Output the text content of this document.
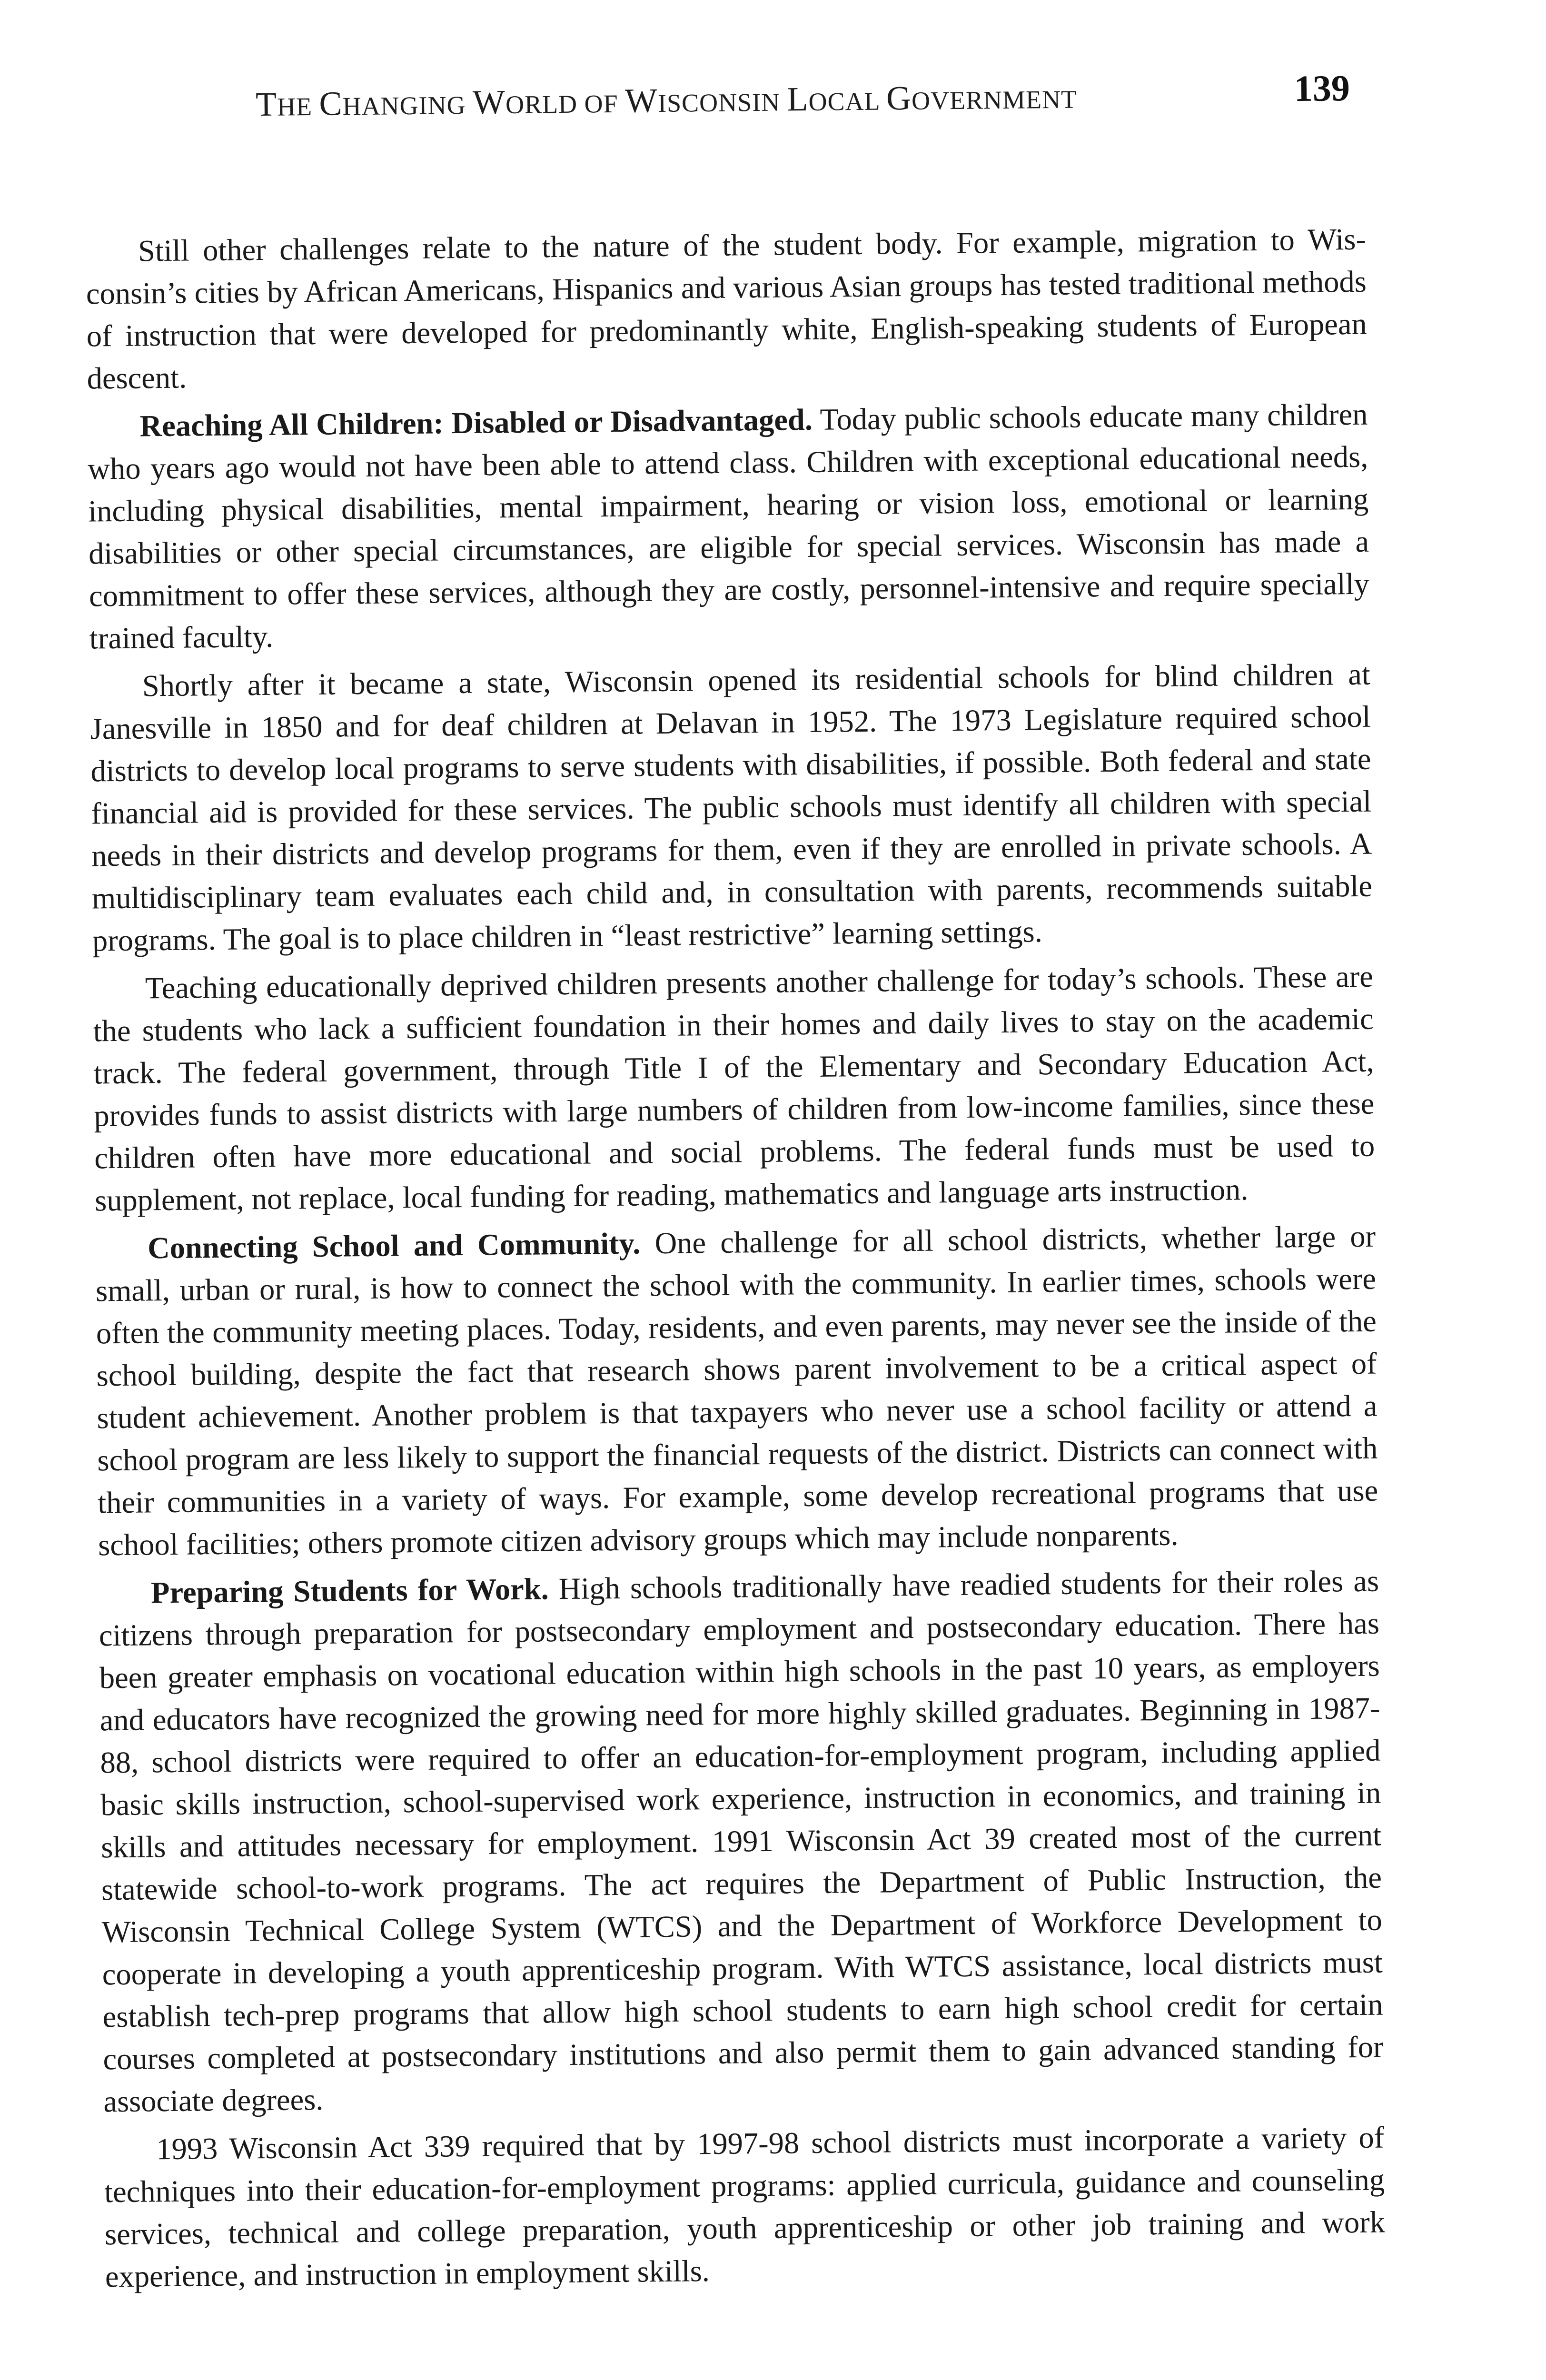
THE CHANGING WORLD OF WISCONSIN LOCAL GOVERNMENT	139

Still other challenges relate to the nature of the student body. For example, migration to Wisconsin’s cities by African Americans, Hispanics and various Asian groups has tested traditional methods of instruction that were developed for predominantly white, English-speaking students of European descent.

Reaching All Children: Disabled or Disadvantaged. Today public schools educate many children who years ago would not have been able to attend class. Children with exceptional educational needs, including physical disabilities, mental impairment, hearing or vision loss, emotional or learning disabilities or other special circumstances, are eligible for special services. Wisconsin has made a commitment to offer these services, although they are costly, personnel-intensive and require specially trained faculty.

Shortly after it became a state, Wisconsin opened its residential schools for blind children at Janesville in 1850 and for deaf children at Delavan in 1952. The 1973 Legislature required school districts to develop local programs to serve students with disabilities, if possible. Both federal and state financial aid is provided for these services. The public schools must identify all children with special needs in their districts and develop programs for them, even if they are enrolled in private schools. A multidisciplinary team evaluates each child and, in consultation with parents, recommends suitable programs. The goal is to place children in “least restrictive” learning settings.

Teaching educationally deprived children presents another challenge for today’s schools. These are the students who lack a sufficient foundation in their homes and daily lives to stay on the academic track. The federal government, through Title I of the Elementary and Secondary Education Act, provides funds to assist districts with large numbers of children from low-income families, since these children often have more educational and social problems. The federal funds must be used to supplement, not replace, local funding for reading, mathematics and language arts instruction.

Connecting School and Community. One challenge for all school districts, whether large or small, urban or rural, is how to connect the school with the community. In earlier times, schools were often the community meeting places. Today, residents, and even parents, may never see the inside of the school building, despite the fact that research shows parent involvement to be a critical aspect of student achievement. Another problem is that taxpayers who never use a school facility or attend a school program are less likely to support the financial requests of the district. Districts can connect with their communities in a variety of ways. For example, some develop recreational programs that use school facilities; others promote citizen advisory groups which may include nonparents.

Preparing Students for Work. High schools traditionally have readied students for their roles as citizens through preparation for postsecondary employment and postsecondary education. There has been greater emphasis on vocational education within high schools in the past 10 years, as employers and educators have recognized the growing need for more highly skilled graduates. Beginning in 1987-88, school districts were required to offer an education-for-employment program, including applied basic skills instruction, school-supervised work experience, instruction in economics, and training in skills and attitudes necessary for employment. 1991 Wisconsin Act 39 created most of the current statewide school-to-work programs. The act requires the Department of Public Instruction, the Wisconsin Technical College System (WTCS) and the Department of Workforce Development to cooperate in developing a youth apprenticeship program. With WTCS assistance, local districts must establish tech-prep programs that allow high school students to earn high school credit for certain courses completed at postsecondary institutions and also permit them to gain advanced standing for associate degrees.

1993 Wisconsin Act 339 required that by 1997-98 school districts must incorporate a variety of techniques into their education-for-employment programs: applied curricula, guidance and counseling services, technical and college preparation, youth apprenticeship or other job training and work experience, and instruction in employment skills.
